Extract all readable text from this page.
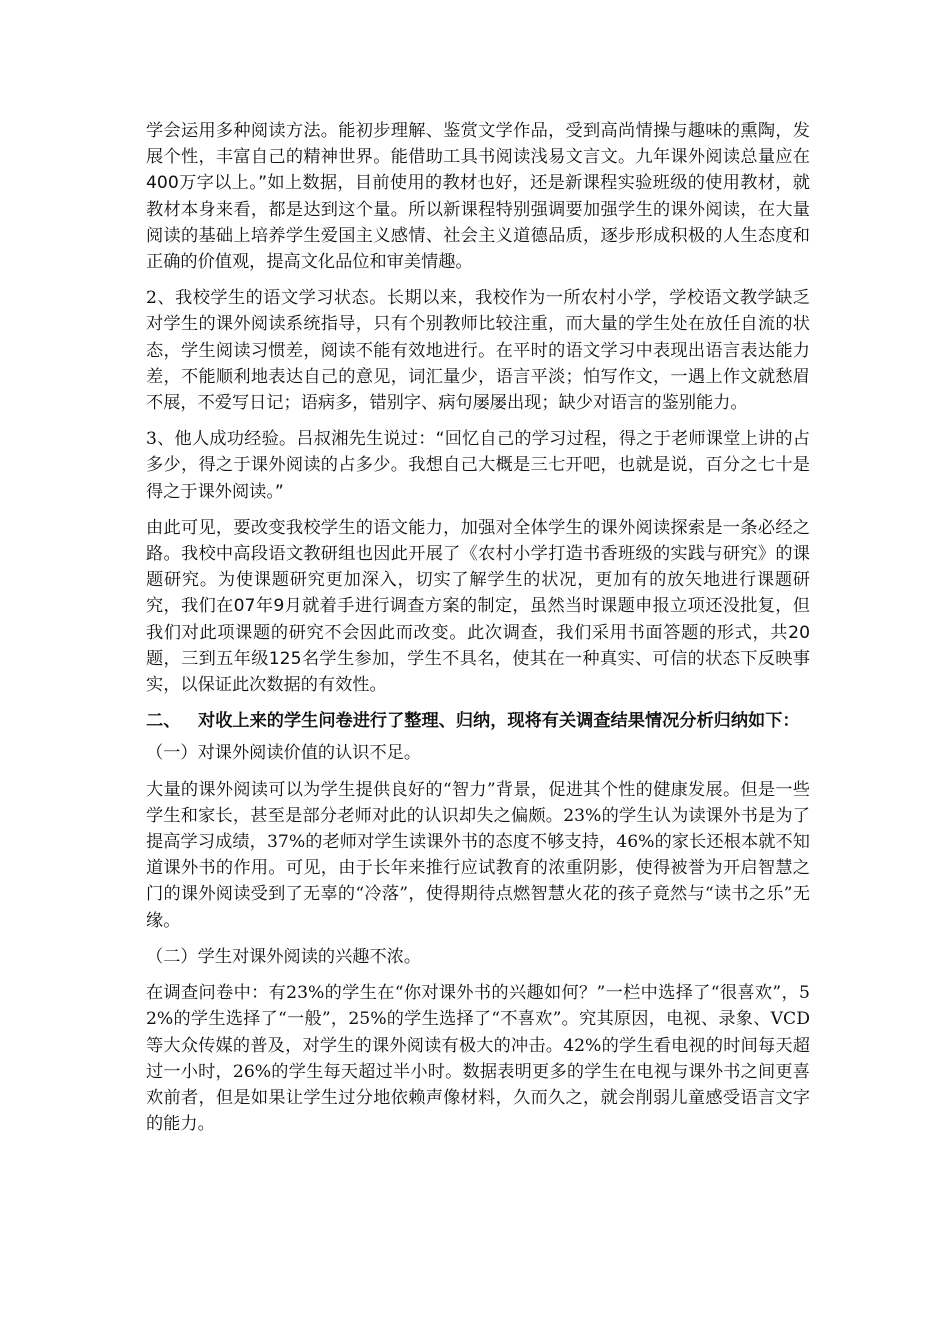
学会运用多种阅读方法。能初步理解、鉴赏文学作品，受到高尚情操与趣味的熏陶，发展个性，丰富自己的精神世界。能借助工具书阅读浅易文言文。九年课外阅读总量应在400万字以上。”如上数据，目前使用的教材也好，还是新课程实验班级的使用教材，就教材本身来看，都是达到这个量。所以新课程特别强调要加强学生的课外阅读，在大量阅读的基础上培养学生爱国主义感情、社会主义道德品质，逐步形成积极的人生态度和正确的价值观，提高文化品位和审美情趣。

2、我校学生的语文学习状态。长期以来，我校作为一所农村小学，学校语文教学缺乏对学生的课外阅读系统指导，只有个别教师比较注重，而大量的学生处在放任自流的状态，学生阅读习惯差，阅读不能有效地进行。在平时的语文学习中表现出语言表达能力差，不能顺利地表达自己的意见，词汇量少，语言平淡；怕写作文，一遇上作文就愁眉不展，不爱写日记；语病多，错别字、病句屡屡出现；缺少对语言的鉴别能力。

3、他人成功经验。吕叔湘先生说过：“回忆自己的学习过程，得之于老师课堂上讲的占多少，得之于课外阅读的占多少。我想自己大概是三七开吧，也就是说，百分之七十是得之于课外阅读。”

由此可见，要改变我校学生的语文能力，加强对全体学生的课外阅读探索是一条必经之路。我校中高段语文教研组也因此开展了《农村小学打造书香班级的实践与研究》的课题研究。为使课题研究更加深入，切实了解学生的状况，更加有的放矢地进行课题研究，我们在07年9月就着手进行调查方案的制定，虽然当时课题申报立项还没批复，但我们对此项课题的研究不会因此而改变。此次调查，我们采用书面答题的形式，共20题，三到五年级125名学生参加，学生不具名，使其在一种真实、可信的状态下反映事实，以保证此次数据的有效性。

二、 对收上来的学生问卷进行了整理、归纳，现将有关调查结果情况分析归纳如下：

（一）对课外阅读价值的认识不足。

大量的课外阅读可以为学生提供良好的“智力”背景，促进其个性的健康发展。但是一些学生和家长，甚至是部分老师对此的认识却失之偏颇。23%的学生认为读课外书是为了提高学习成绩，37%的老师对学生读课外书的态度不够支持，46%的家长还根本就不知道课外书的作用。可见，由于长年来推行应试教育的浓重阴影，使得被誉为开启智慧之门的课外阅读受到了无辜的“冷落”，使得期待点燃智慧火花的孩子竟然与“读书之乐”无缘。

（二）学生对课外阅读的兴趣不浓。

在调查问卷中：有23%的学生在“你对课外书的兴趣如何？”一栏中选择了“很喜欢”，52%的学生选择了“一般”，25%的学生选择了“不喜欢”。究其原因，电视、录象、VCD等大众传媒的普及，对学生的课外阅读有极大的冲击。42%的学生看电视的时间每天超过一小时，26%的学生每天超过半小时。数据表明更多的学生在电视与课外书之间更喜欢前者，但是如果让学生过分地依赖声像材料，久而久之，就会削弱儿童感受语言文字的能力。
